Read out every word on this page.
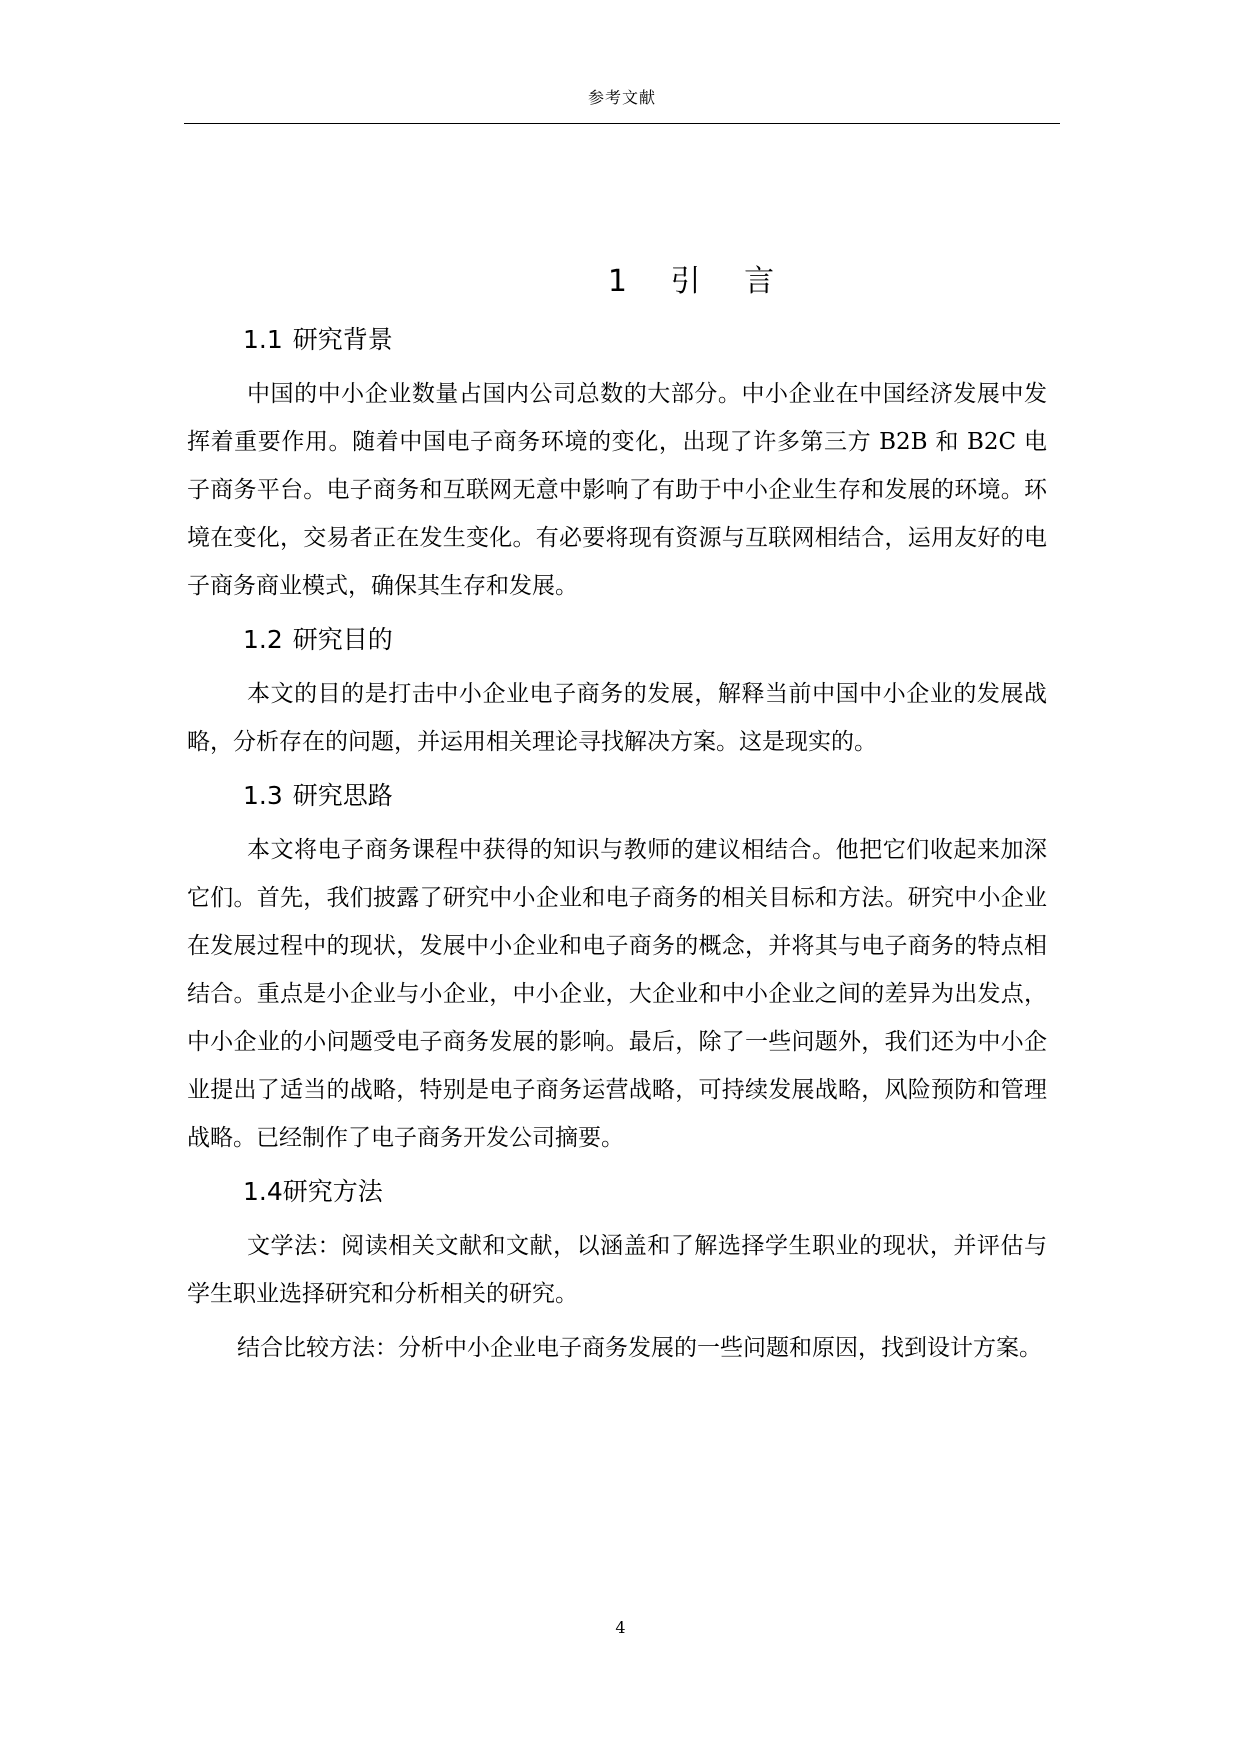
参考文献
1 引 言
1.1 研究背景

中国的中小企业数量占国内公司总数的大部分。中小企业在中国经济发展中发挥着重要作用。随着中国电子商务环境的变化，出现了许多第三方 B2B 和 B2C 电子商务平台。电子商务和互联网无意中影响了有助于中小企业生存和发展的环境。环境在变化，交易者正在发生变化。有必要将现有资源与互联网相结合，运用友好的电子商务商业模式，确保其生存和发展。

1.2 研究目的

本文的目的是打击中小企业电子商务的发展，解释当前中国中小企业的发展战略，分析存在的问题，并运用相关理论寻找解决方案。这是现实的。

1.3 研究思路

本文将电子商务课程中获得的知识与教师的建议相结合。他把它们收起来加深它们。首先，我们披露了研究中小企业和电子商务的相关目标和方法。研究中小企业在发展过程中的现状，发展中小企业和电子商务的概念，并将其与电子商务的特点相结合。重点是小企业与小企业，中小企业，大企业和中小企业之间的差异为出发点，中小企业的小问题受电子商务发展的影响。最后，除了一些问题外，我们还为中小企业提出了适当的战略，特别是电子商务运营战略，可持续发展战略，风险预防和管理战略。已经制作了电子商务开发公司摘要。

1.4研究方法

文学法：阅读相关文献和文献，以涵盖和了解选择学生职业的现状，并评估与学生职业选择研究和分析相关的研究。

结合比较方法：分析中小企业电子商务发展的一些问题和原因，找到设计方案。

4
